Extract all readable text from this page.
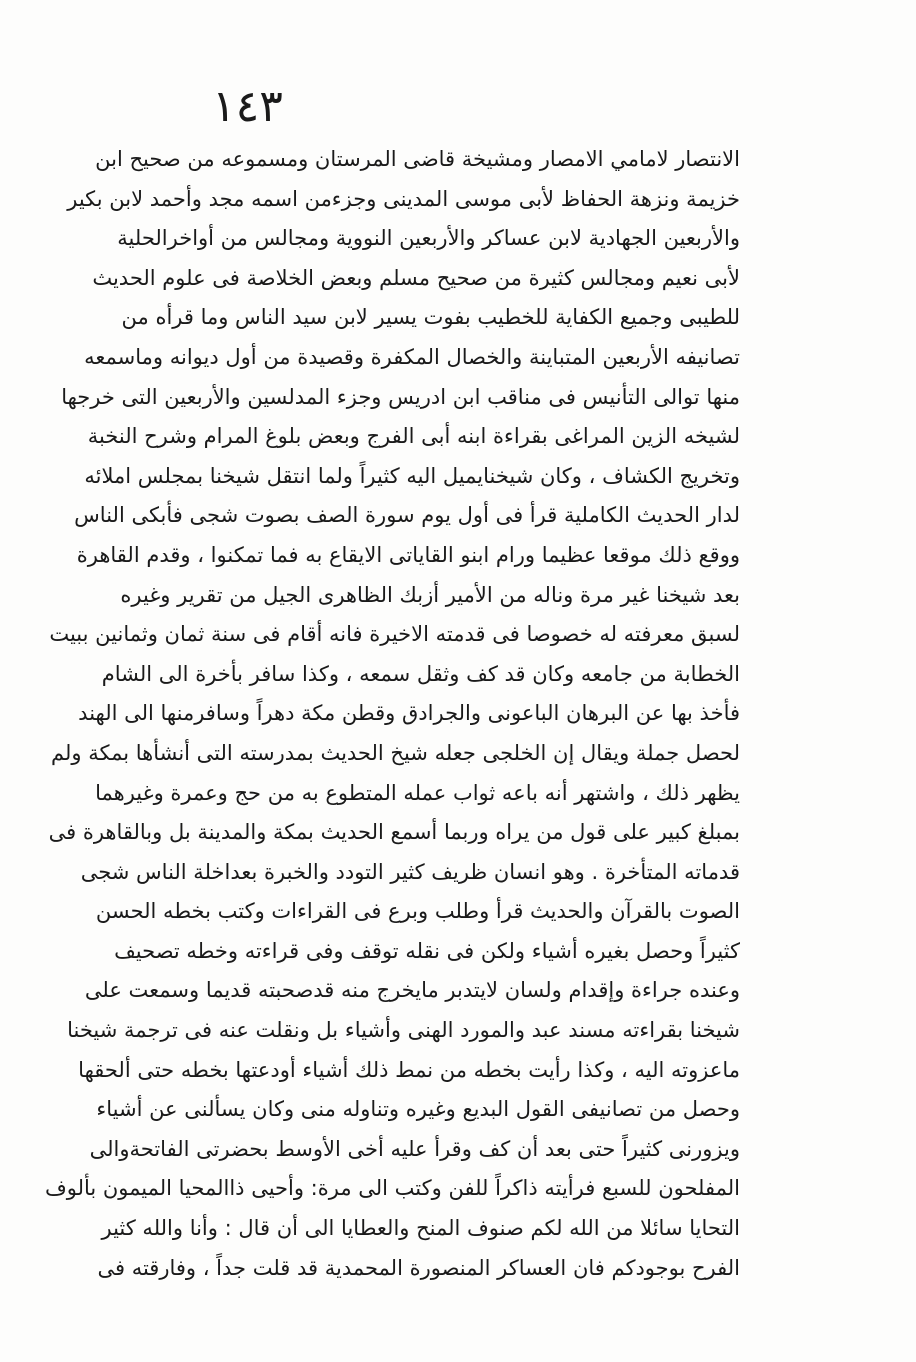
١٤٣
الانتصار لامامي الامصار ومشيخة قاضى المرستان ومسموعه من صحيح ابن
خزيمة ونزهة الحفاظ لأبى موسى المدينى وجزءمن اسمه مجد وأحمد لابن بكير
والأربعين الجهادية لابن عساكر والأربعين النووية ومجالس من أواخرالحلية
لأبى نعيم ومجالس كثيرة من صحيح مسلم وبعض الخلاصة فى علوم الحديث
للطيبى وجميع الكفاية للخطيب بفوت يسير لابن سيد الناس وما قرأه من
تصانيفه الأربعين المتباينة والخصال المكفرة وقصيدة من أول ديوانه وماسمعه
منها توالى التأنيس فى مناقب ابن ادريس وجزء المدلسين والأربعين التى خرجها
لشيخه الزين المراغى بقراءة ابنه أبى الفرج وبعض بلوغ المرام وشرح النخبة
وتخريج الكشاف ، وكان شيخنايميل اليه كثيراً ولما انتقل شيخنا بمجلس املائه
لدار الحديث الكاملية قرأ فى أول يوم سورة الصف بصوت شجى فأبكى الناس
ووقع ذلك موقعا عظيما ورام ابنو القاياتى الايقاع به فما تمكنوا ، وقدم القاهرة
بعد شيخنا غير مرة وناله من الأمير أزبك الظاهرى الجيل من تقرير وغيره
لسبق معرفته له خصوصا فى قدمته الاخيرة فانه أقام فى سنة ثمان وثمانين ببيت
الخطابة من جامعه وكان قد كف وثقل سمعه ، وكذا سافر بأخرة الى الشام
فأخذ بها عن البرهان الباعونى والجرادق وقطن مكة دهراً وسافرمنها الى الهند
لحصل جملة ويقال إن الخلجى جعله شيخ الحديث بمدرسته التى أنشأها بمكة ولم
يظهر ذلك ، واشتهر أنه باعه ثواب عمله المتطوع به من حج وعمرة وغيرهما
بمبلغ كبير على قول من يراه وربما أسمع الحديث بمكة والمدينة بل وبالقاهرة فى
قدماته المتأخرة . وهو انسان ظريف كثير التودد والخبرة بعداخلة الناس شجى
الصوت بالقرآن والحديث قرأ وطلب وبرع فى القراءات وكتب بخطه الحسن
كثيراً وحصل بغيره أشياء ولكن فى نقله توقف وفى قراءته وخطه تصحيف
وعنده جراءة وإقدام ولسان لايتدبر مايخرج منه قدصحبته قديما وسمعت على
شيخنا بقراءته مسند عبد والمورد الهنى وأشياء بل ونقلت عنه فى ترجمة شيخنا
ماعزوته اليه ، وكذا رأيت بخطه من نمط ذلك أشياء أودعتها بخطه حتى ألحقها
وحصل من تصانيفى القول البديع وغيره وتناوله منى وكان يسألنى عن أشياء
ويزورنى كثيراً حتى بعد أن كف وقرأ عليه أخى الأوسط بحضرتى الفاتحةوالى
المفلحون للسبع فرأيته ذاكراً للفن وكتب الى مرة: وأحيى ذاالمحيا الميمون بألوف
التحايا سائلا من الله لكم صنوف المنح والعطايا الى أن قال : وأنا والله كثير
الفرح بوجودكم فان العساكر المنصورة المحمدية قد قلت جداً ، وفارقته فى
